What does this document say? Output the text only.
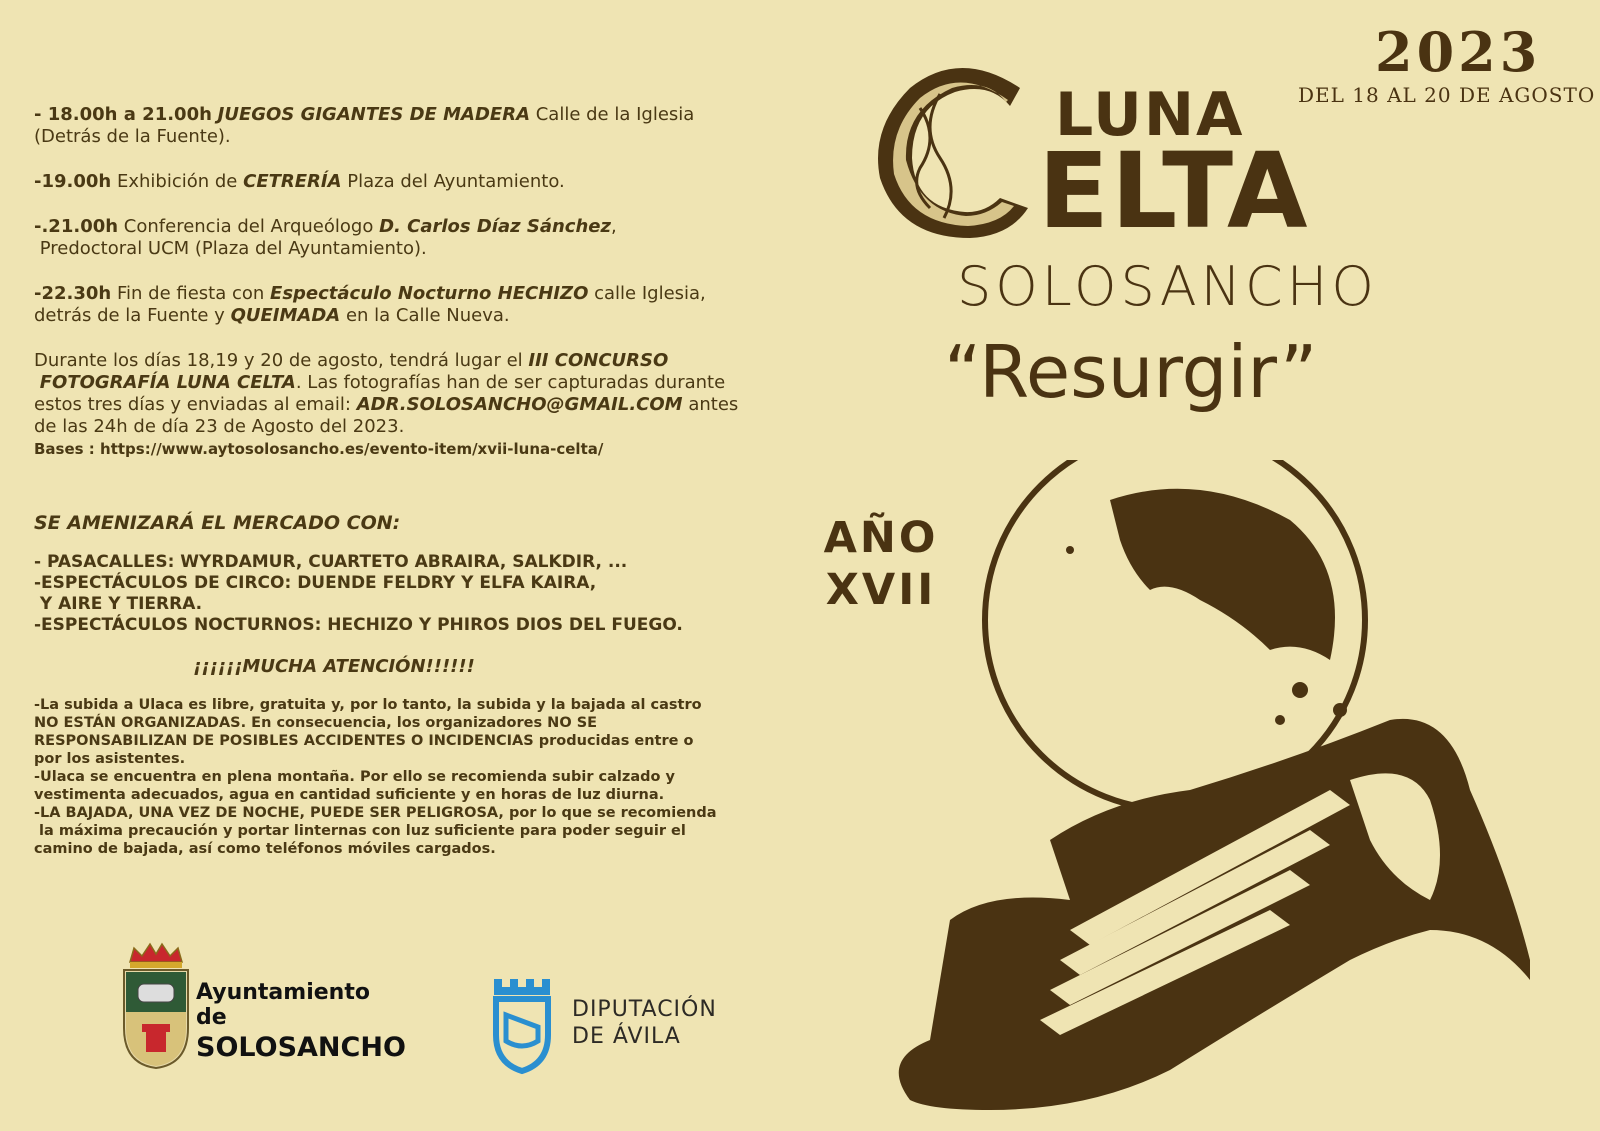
- 18.00h a 21.00h JUEGOS GIGANTES DE MADERA Calle de la Iglesia
(Detrás de la Fuente).

-19.00h Exhibición de CETRERÍA Plaza del Ayuntamiento.

-.21.00h Conferencia del Arqueólogo D. Carlos Díaz Sánchez,
Predoctoral UCM (Plaza del Ayuntamiento).

-22.30h Fin de fiesta con Espectáculo Nocturno HECHIZO calle Iglesia,
detrás de la Fuente y QUEIMADA en la Calle Nueva.

Durante los días 18,19 y 20 de agosto, tendrá lugar el III CONCURSO
FOTOGRAFÍA LUNA CELTA. Las fotografías han de ser capturadas durante
estos tres días y enviadas al email: ADR.SOLOSANCHO@GMAIL.COM antes
de las 24h de día 23 de Agosto del 2023.
Bases : https://www.aytosolosancho.es/evento-item/xvii-luna-celta/

SE AMENIZARÁ EL MERCADO CON:
- PASACALLES: WYRDAMUR, CUARTETO ABRAIRA, SALKDIR, ...
-ESPECTÁCULOS DE CIRCO: DUENDE FELDRY Y ELFA KAIRA,
Y AIRE Y TIERRA.
-ESPECTÁCULOS NOCTURNOS: HECHIZO Y PHIROS DIOS DEL FUEGO.
¡¡¡¡¡¡MUCHA ATENCIÓN!!!!!!
-La subida a Ulaca es libre, gratuita y, por lo tanto, la subida y la bajada al castro
NO ESTÁN ORGANIZADAS. En consecuencia, los organizadores NO SE
RESPONSABILIZAN DE POSIBLES ACCIDENTES O INCIDENCIAS producidas entre o
por los asistentes.
-Ulaca se encuentra en plena montaña. Por ello se recomienda subir calzado y
vestimenta adecuados, agua en cantidad suficiente y en horas de luz diurna.
-LA BAJADA, UNA VEZ DE NOCHE, PUEDE SER PELIGROSA, por lo que se recomienda
la máxima precaución y portar linternas con luz suficiente para poder seguir el
camino de bajada, así como teléfonos móviles cargados.
Ayuntamiento de
SOLOSANCHO
DIPUTACIÓN
DE ÁVILA
2023
DEL 18 AL 20 DE AGOSTO
LUNA
ELTA
SOLOSANCHO
“Resurgir”
AÑO
XVII
